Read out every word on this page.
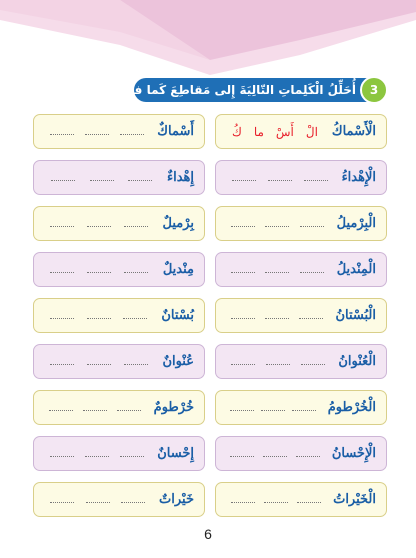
أُحَلِّلُ الْكَلِماتِ التّالِيَةَ إِلى مَقاطِعَ كَما في الْمِثالِ	3
أَسْماكٌ	الْأَسْماكُ
الْ
أَسْ
ما
كُ
إِهْداءٌ	الْإِهْداءُ
بِرْميلٌ	الْبِرْميلُ
مِنْديلٌ	الْمِنْديلُ
بُسْتانٌ	الْبُسْتانُ
عُنْوانٌ	الْعُنْوانُ
خُرْطومٌ	الْخُرْطومُ
إِحْسانٌ	الْإِحْسانُ
خَيْراتٌ	الْخَيْراتُ
6
